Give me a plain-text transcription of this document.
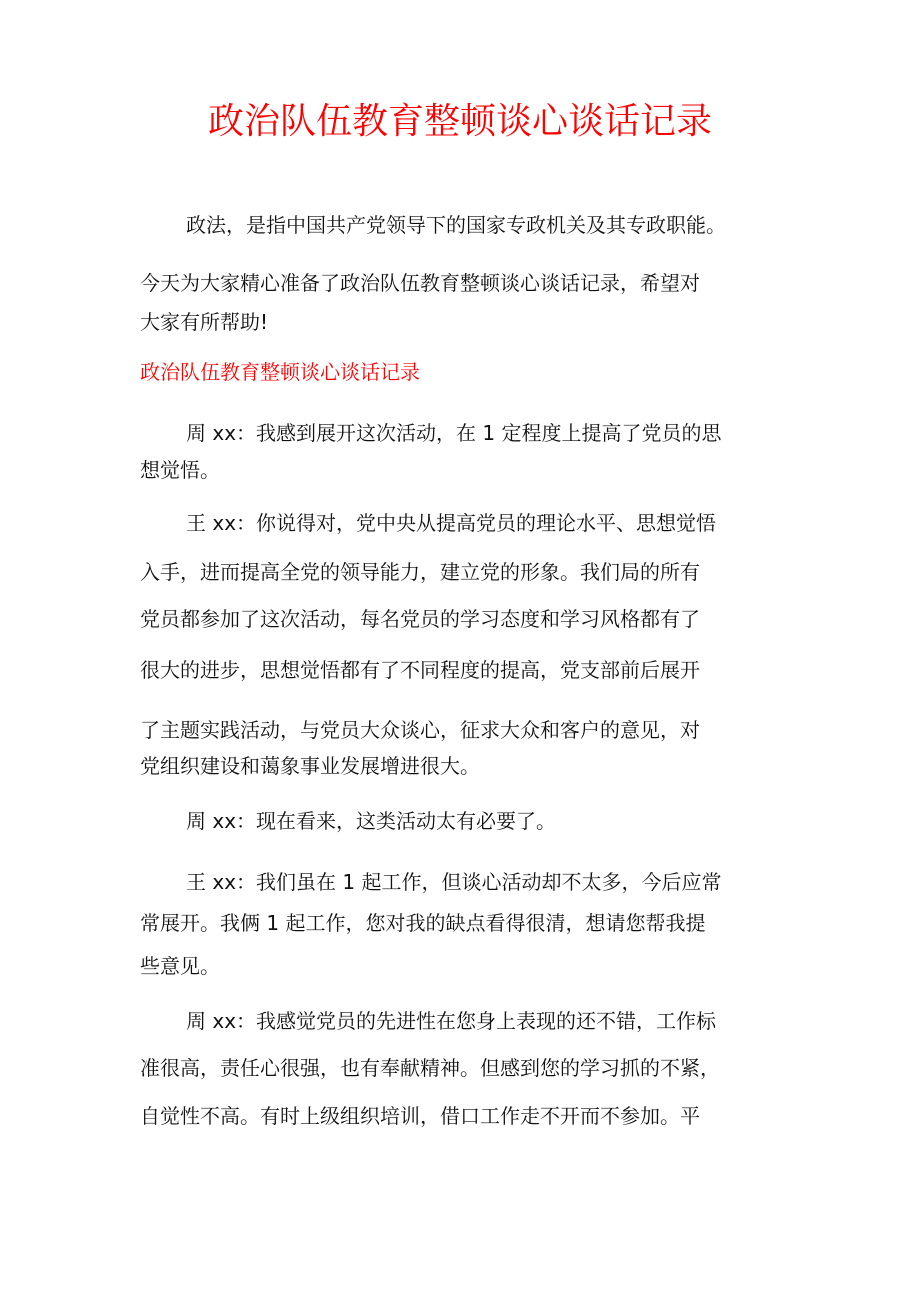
政治队伍教育整顿谈心谈话记录
政法，是指中国共产党领导下的国家专政机关及其专政职能。
今天为大家精心准备了政治队伍教育整顿谈心谈话记录，希望对
大家有所帮助!
政治队伍教育整顿谈心谈话记录
周 xx：我感到展开这次活动，在 1 定程度上提高了党员的思
想觉悟。
王 xx：你说得对，党中央从提高党员的理论水平、思想觉悟
入手，进而提高全党的领导能力，建立党的形象。我们局的所有
党员都参加了这次活动，每名党员的学习态度和学习风格都有了
很大的进步，思想觉悟都有了不同程度的提高，党支部前后展开
了主题实践活动，与党员大众谈心，征求大众和客户的意见，对
党组织建设和蔼象事业发展增进很大。
周 xx：现在看来，这类活动太有必要了。
王 xx：我们虽在 1 起工作，但谈心活动却不太多，今后应常
常展开。我俩 1 起工作，您对我的缺点看得很清，想请您帮我提
些意见。
周 xx：我感觉党员的先进性在您身上表现的还不错，工作标
准很高，责任心很强，也有奉献精神。但感到您的学习抓的不紧，
自觉性不高。有时上级组织培训，借口工作走不开而不参加。平
